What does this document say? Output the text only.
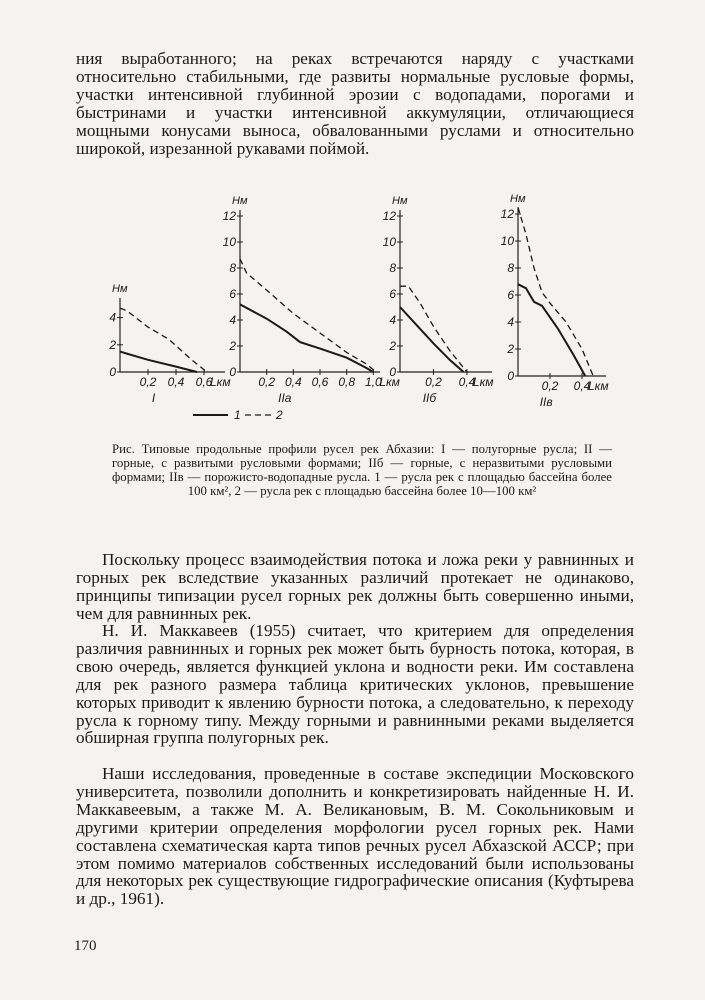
ния выработанного; на реках встречаются наряду с участками относительно стабильными, где развиты нормальные русловые формы, участки интенсивной глубинной эрозии с водопадами, порогами и быстринами и участки интенсивной аккумуляции, отличающиеся мощными конусами выноса, обвалованными руслами и относительно широкой, изрезанной рукавами поймой.

0
2
4
0,2 0,4 0,6
Нм
Lкм
I
0
2
4
6
8
10
12
0,2 0,4 0,6 0,8 1,0
Нм
Lкм
IIа
0
2
4
6
8
10
12
0,2 0,4
Нм
Lкм
IIб
0
2
4
6
8
10
12
0,2 0,4
Нм
Lкм
IIв
1	2

Рис. Типовые продольные профили русел рек Абхазии: I — полугорные русла; II — горные, с развитыми русловыми формами; IIб — горные, с неразвитыми русловыми формами; IIв — порожисто-водопадные русла. 1 — русла рек с площадью бассейна более 100 км², 2 — русла рек с площадью бассейна более 10—100 км²

Поскольку процесс взаимодействия потока и ложа реки у равнинных и горных рек вследствие указанных различий протекает не одинаково, принципы типизации русел горных рек должны быть совершенно иными, чем для равнинных рек.

Н. И. Маккавеев (1955) считает, что критерием для определения различия равнинных и горных рек может быть бурность потока, которая, в свою очередь, является функцией уклона и водности реки. Им составлена для рек разного размера таблица критических уклонов, превышение которых приводит к явлению бурности потока, а следовательно, к переходу русла к горному типу. Между горными и равнинными реками выделяется обширная группа полугорных рек.

Наши исследования, проведенные в составе экспедиции Московского университета, позволили дополнить и конкретизировать найденные Н. И. Маккавеевым, а также М. А. Великановым, В. М. Сокольниковым и другими критерии определения морфологии русел горных рек. Нами составлена схематическая карта типов речных русел Абхазской АССР; при этом помимо материалов собственных исследований были использованы для некоторых рек существующие гидрографические описания (Куфтырева и др., 1961).

170
